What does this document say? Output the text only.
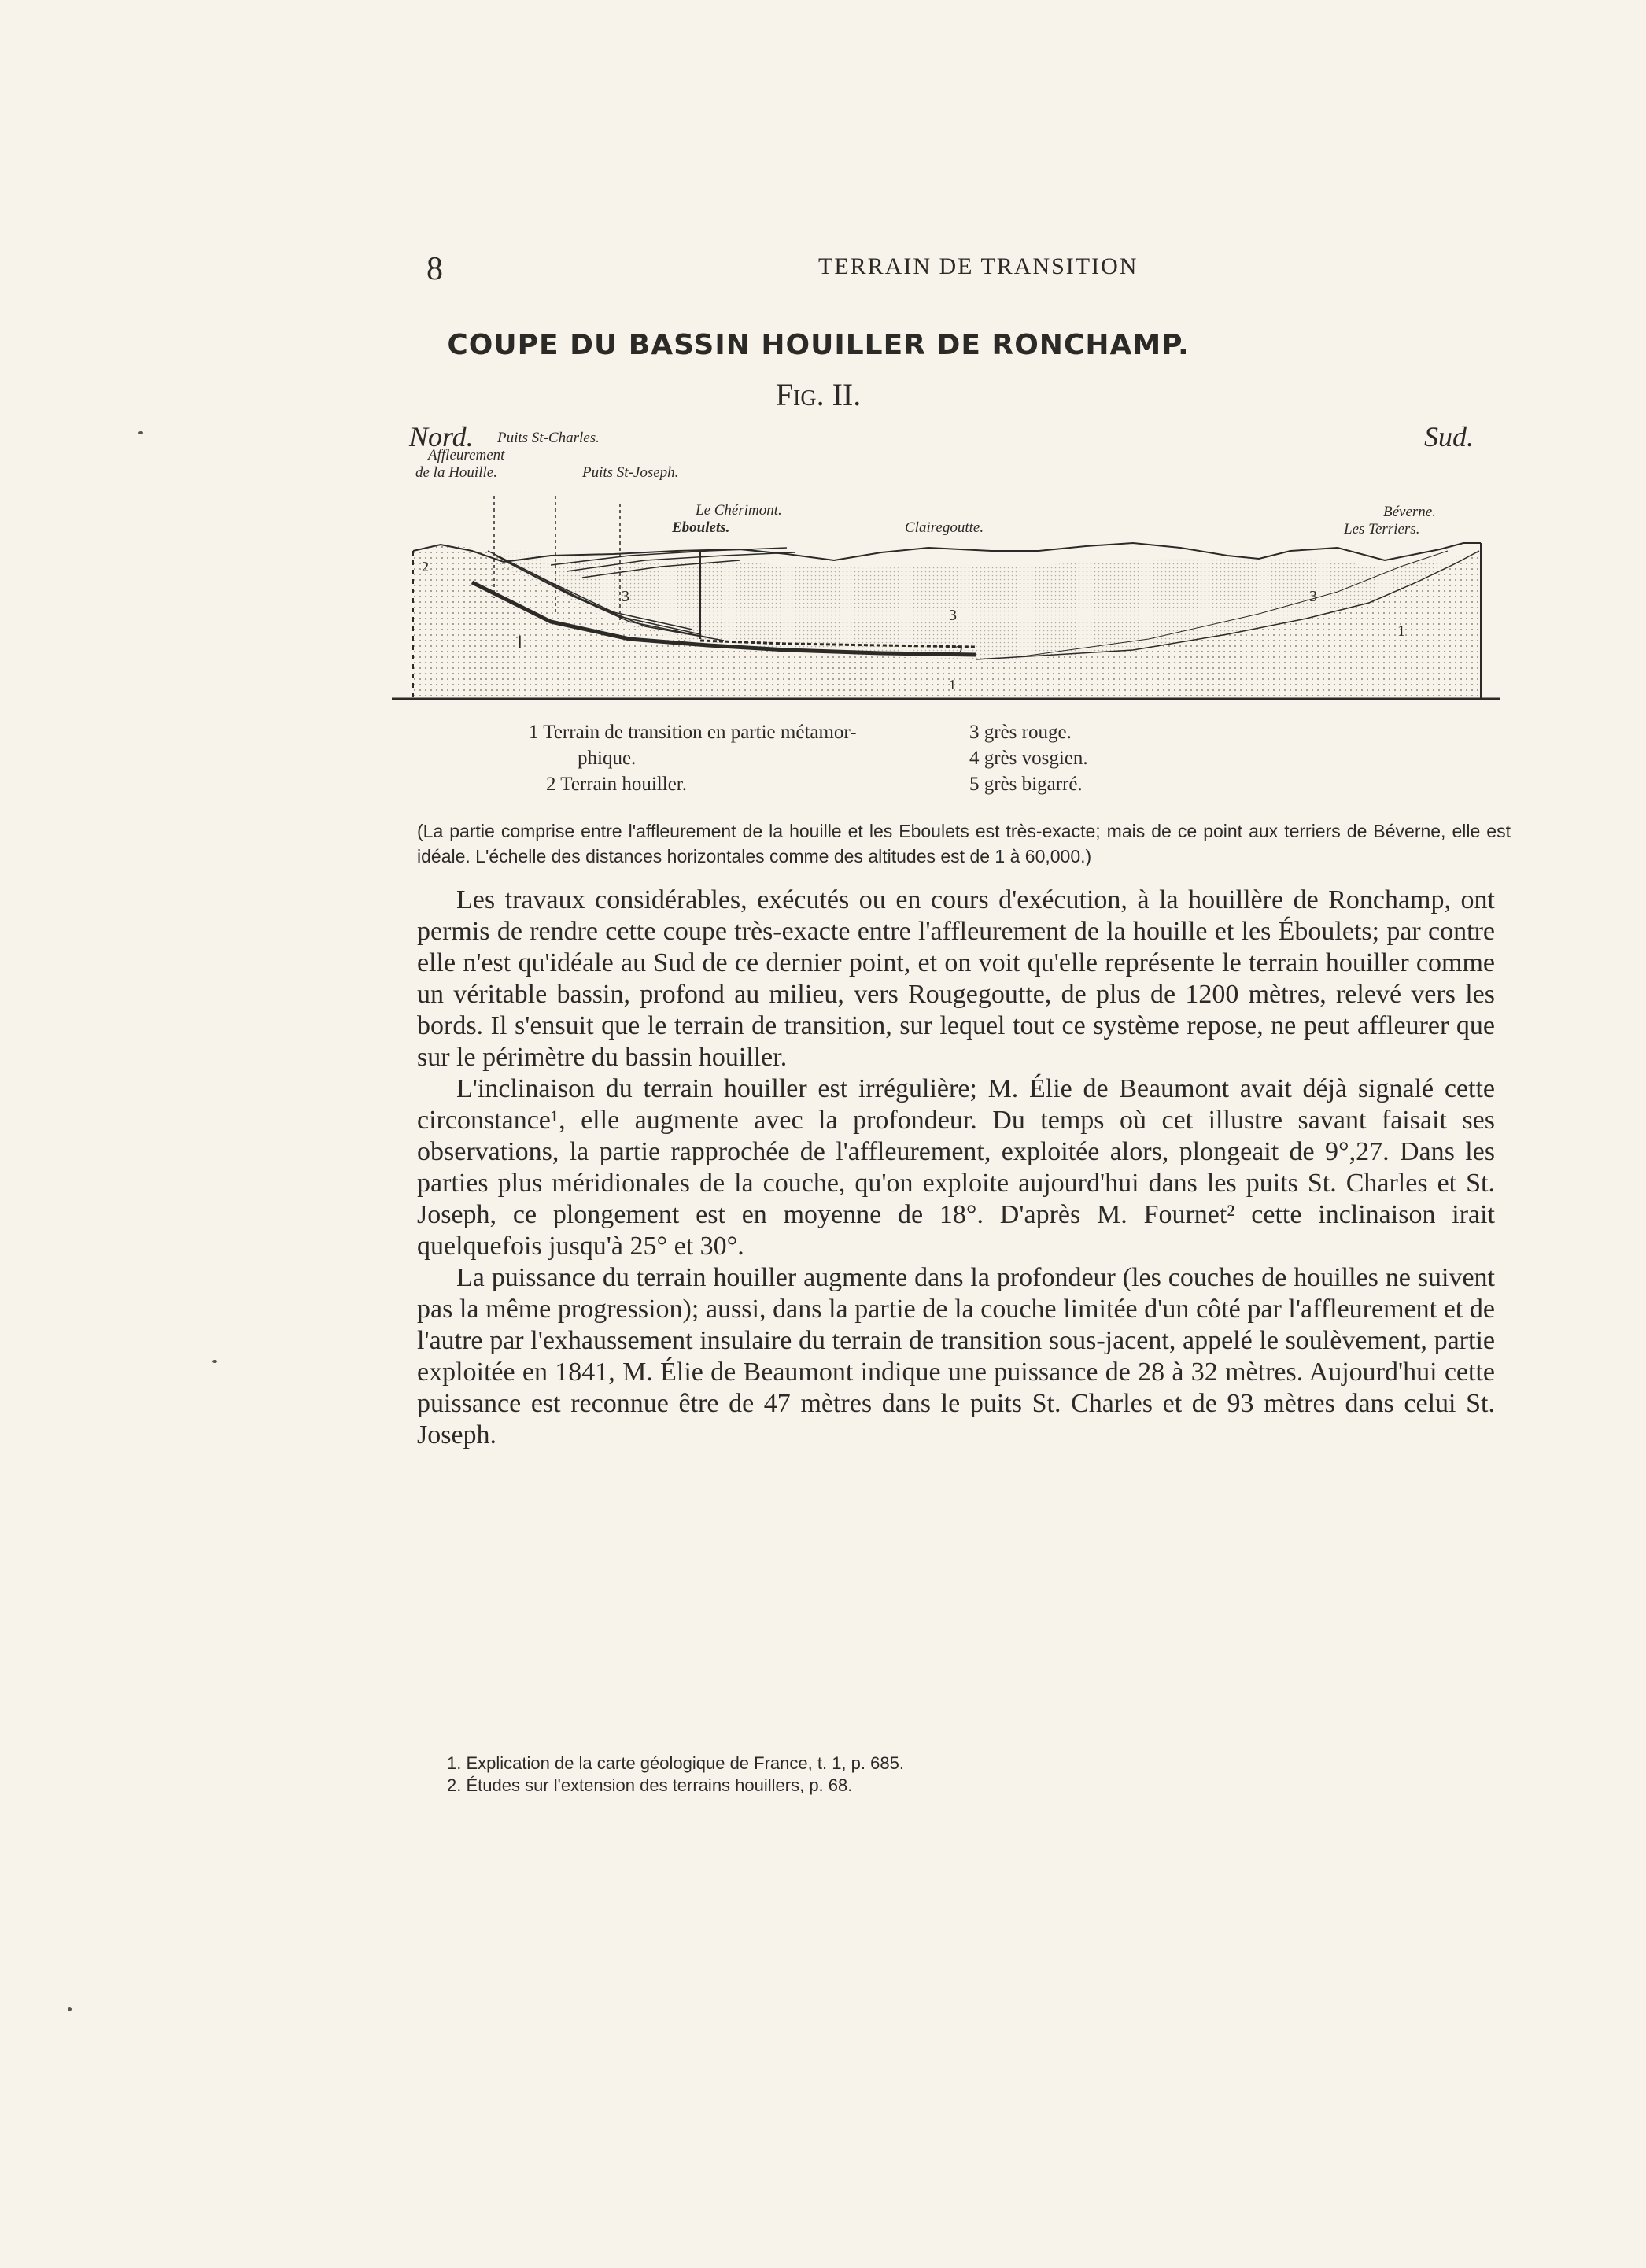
8	TERRAIN DE TRANSITION
COUPE DU BASSIN HOUILLER DE RONCHAMP.
Fig. II.
Nord.	Sud.
Puits St-Charles.
Affleurement
de la Houille.	Puits St-Joseph.
Le Chérimont.
Eboulets.	Clairegoutte.
Béverne.
Les Terriers.
1	2
3
3
3
1
1
2
1 Terrain de transition en partie métamor-
phique.
2 Terrain houiller.
3 grès rouge.
4 grès vosgien.
5 grès bigarré.
(La partie comprise entre l'affleurement de la houille et les Eboulets est très-exacte; mais de ce point aux terriers de Béverne, elle est idéale. L'échelle des distances horizontales comme des altitudes est de 1 à 60,000.)

Les travaux considérables, exécutés ou en cours d'exécution, à la houillère de Ronchamp, ont permis de rendre cette coupe très-exacte entre l'affleurement de la houille et les Éboulets; par contre elle n'est qu'idéale au Sud de ce dernier point, et on voit qu'elle représente le terrain houiller comme un véritable bassin, profond au milieu, vers Rougegoutte, de plus de 1200 mètres, relevé vers les bords. Il s'ensuit que le terrain de transition, sur lequel tout ce système repose, ne peut affleurer que sur le périmètre du bassin houiller.

L'inclinaison du terrain houiller est irrégulière; M. Élie de Beaumont avait déjà signalé cette circonstance¹, elle augmente avec la profondeur. Du temps où cet illustre savant faisait ses observations, la partie rapprochée de l'affleurement, exploitée alors, plongeait de 9°,27. Dans les parties plus méridionales de la couche, qu'on exploite aujourd'hui dans les puits St. Charles et St. Joseph, ce plongement est en moyenne de 18°. D'après M. Fournet² cette inclinaison irait quelquefois jusqu'à 25° et 30°.

La puissance du terrain houiller augmente dans la profondeur (les couches de houilles ne suivent pas la même progression); aussi, dans la partie de la couche limitée d'un côté par l'affleurement et de l'autre par l'exhaussement insulaire du terrain de transition sous-jacent, appelé le soulèvement, partie exploitée en 1841, M. Élie de Beaumont indique une puissance de 28 à 32 mètres. Aujourd'hui cette puissance est reconnue être de 47 mètres dans le puits St. Charles et de 93 mètres dans celui St. Joseph.

1. Explication de la carte géologique de France, t. 1, p. 685.
2. Études sur l'extension des terrains houillers, p. 68.
